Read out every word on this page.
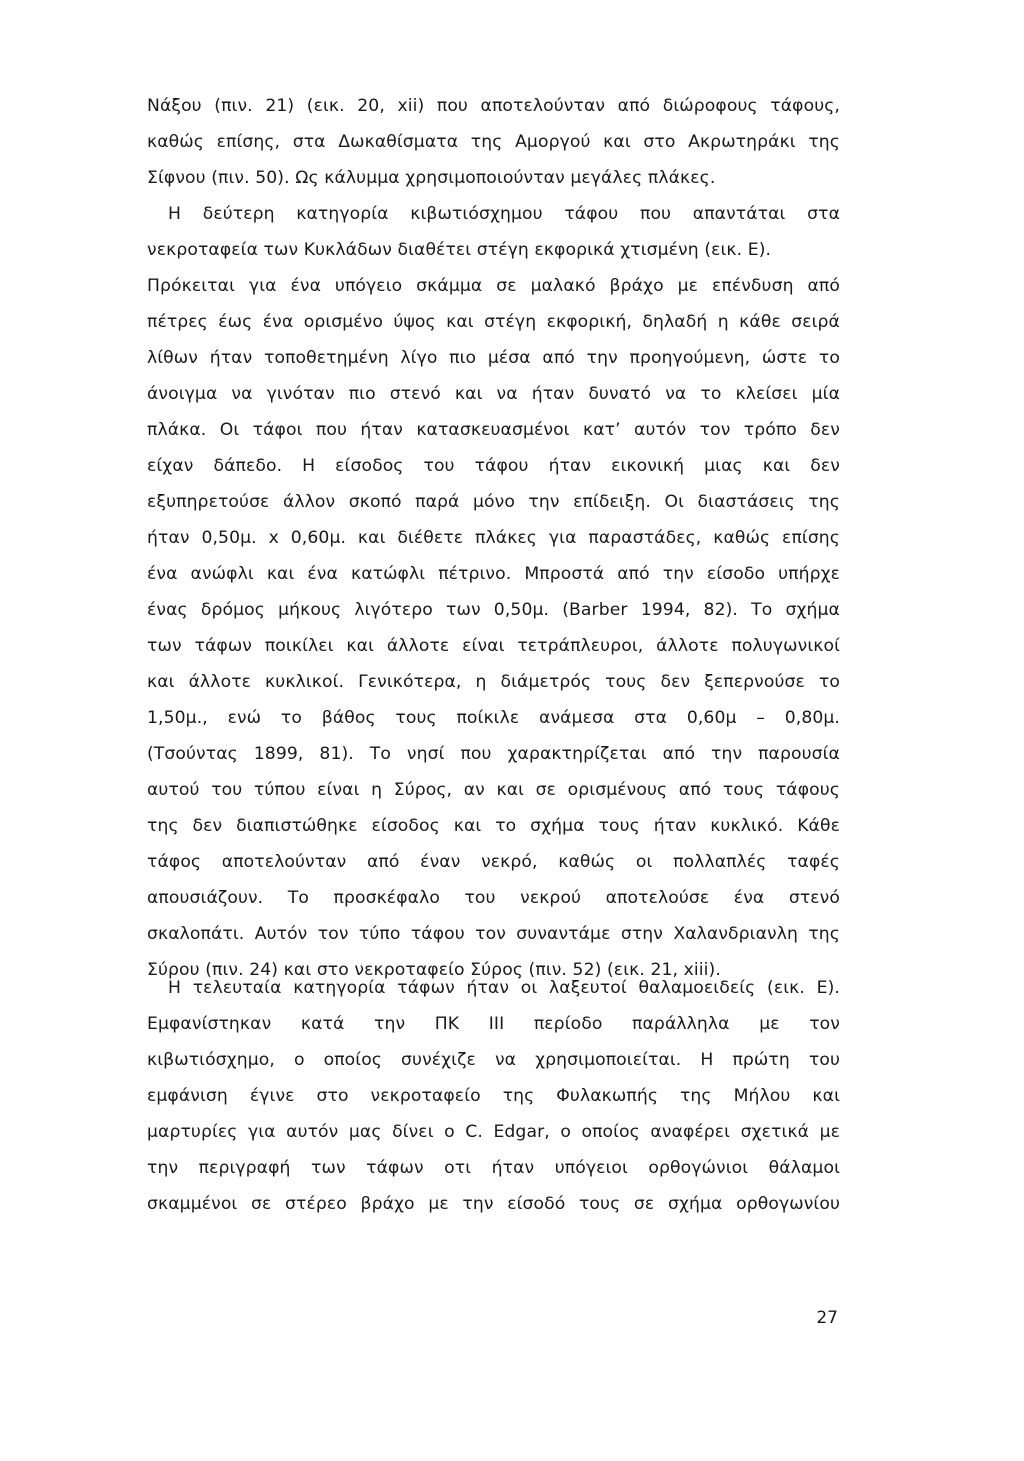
Νάξου (πιν. 21) (εικ. 20, xii) που αποτελούνταν από διώροφους τάφους,
καθώς επίσης, στα Δωκαθίσματα της Αμοργού και στο Ακρωτηράκι της
Σίφνου (πιν. 50). Ως κάλυμμα χρησιμοποιούνταν μεγάλες πλάκες.
Η δεύτερη κατηγορία κιβωτιόσχημου τάφου που απαντάται στα
νεκροταφεία των Κυκλάδων διαθέτει στέγη εκφορικά χτισμένη (εικ. Ε).
Πρόκειται για ένα υπόγειο σκάμμα σε μαλακό βράχο με επένδυση από
πέτρες έως ένα ορισμένο ύψος και στέγη εκφορική, δηλαδή η κάθε σειρά
λίθων ήταν τοποθετημένη λίγο πιο μέσα από την προηγούμενη, ώστε το
άνοιγμα να γινόταν πιο στενό και να ήταν δυνατό να το κλείσει μία
πλάκα. Οι τάφοι που ήταν κατασκευασμένοι κατ’ αυτόν τον τρόπο δεν
είχαν δάπεδο. Η είσοδος του τάφου ήταν εικονική μιας και δεν
εξυπηρετούσε άλλον σκοπό παρά μόνο την επίδειξη. Οι διαστάσεις της
ήταν 0,50μ. x 0,60μ. και διέθετε πλάκες για παραστάδες, καθώς επίσης
ένα ανώφλι και ένα κατώφλι πέτρινο. Μπροστά από την είσοδο υπήρχε
ένας δρόμος μήκους λιγότερο των 0,50μ. (Barber 1994, 82). Το σχήμα
των τάφων ποικίλει και άλλοτε είναι τετράπλευροι, άλλοτε πολυγωνικοί
και άλλοτε κυκλικοί. Γενικότερα, η διάμετρός τους δεν ξεπερνούσε το
1,50μ., ενώ το βάθος τους ποίκιλε ανάμεσα στα 0,60μ – 0,80μ.
(Τσούντας 1899, 81). Το νησί που χαρακτηρίζεται από την παρουσία
αυτού του τύπου είναι η Σύρος, αν και σε ορισμένους από τους τάφους
της δεν διαπιστώθηκε είσοδος και το σχήμα τους ήταν κυκλικό. Κάθε
τάφος αποτελούνταν από έναν νεκρό, καθώς οι πολλαπλές ταφές
απουσιάζουν. Το προσκέφαλο του νεκρού αποτελούσε ένα στενό
σκαλοπάτι. Αυτόν τον τύπο τάφου τον συναντάμε στην Χαλανδριανλη της
Σύρου (πιν. 24) και στο νεκροταφείο Σύρος (πιν. 52) (εικ. 21, xiii).
Η τελευταία κατηγορία τάφων ήταν οι λαξευτοί θαλαμοειδείς (εικ. Ε).
Εμφανίστηκαν κατά την ΠΚ ΙΙΙ περίοδο παράλληλα με τον
κιβωτιόσχημο, ο οποίος συνέχιζε να χρησιμοποιείται. Η πρώτη του
εμφάνιση έγινε στο νεκροταφείο της Φυλακωπής της Μήλου και
μαρτυρίες για αυτόν μας δίνει ο C. Edgar, ο οποίος αναφέρει σχετικά με
την περιγραφή των τάφων οτι ήταν υπόγειοι ορθογώνιοι θάλαμοι
σκαμμένοι σε στέρεο βράχο με την είσοδό τους σε σχήμα ορθογωνίου
27
